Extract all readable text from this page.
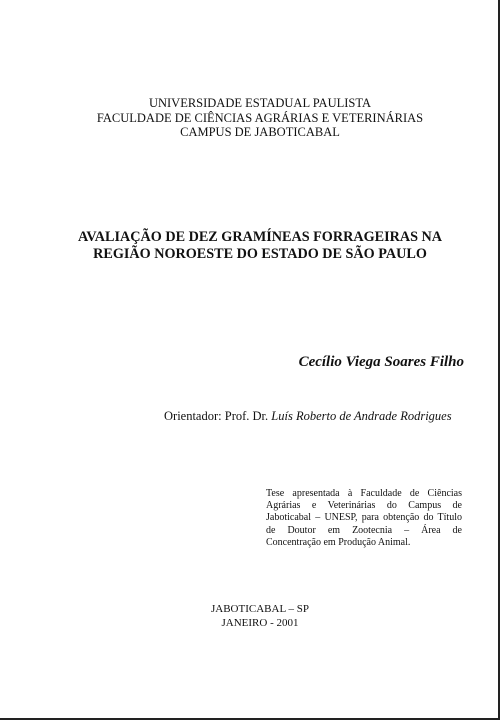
UNIVERSIDADE ESTADUAL PAULISTA
FACULDADE DE CIÊNCIAS AGRÁRIAS E VETERINÁRIAS
CAMPUS DE JABOTICABAL
AVALIAÇÃO DE DEZ GRAMÍNEAS FORRAGEIRAS NA
REGIÃO NOROESTE DO ESTADO DE SÃO PAULO
Cecílio Viega Soares Filho
Orientador: Prof. Dr. Luís Roberto de Andrade Rodrigues
Tese apresentada à Faculdade de Ciências Agrárias e Veterinárias do Campus de Jaboticabal – UNESP, para obtenção do Título de Doutor em Zootecnia – Área de Concentração em Produção Animal.
JABOTICABAL – SP
JANEIRO - 2001
